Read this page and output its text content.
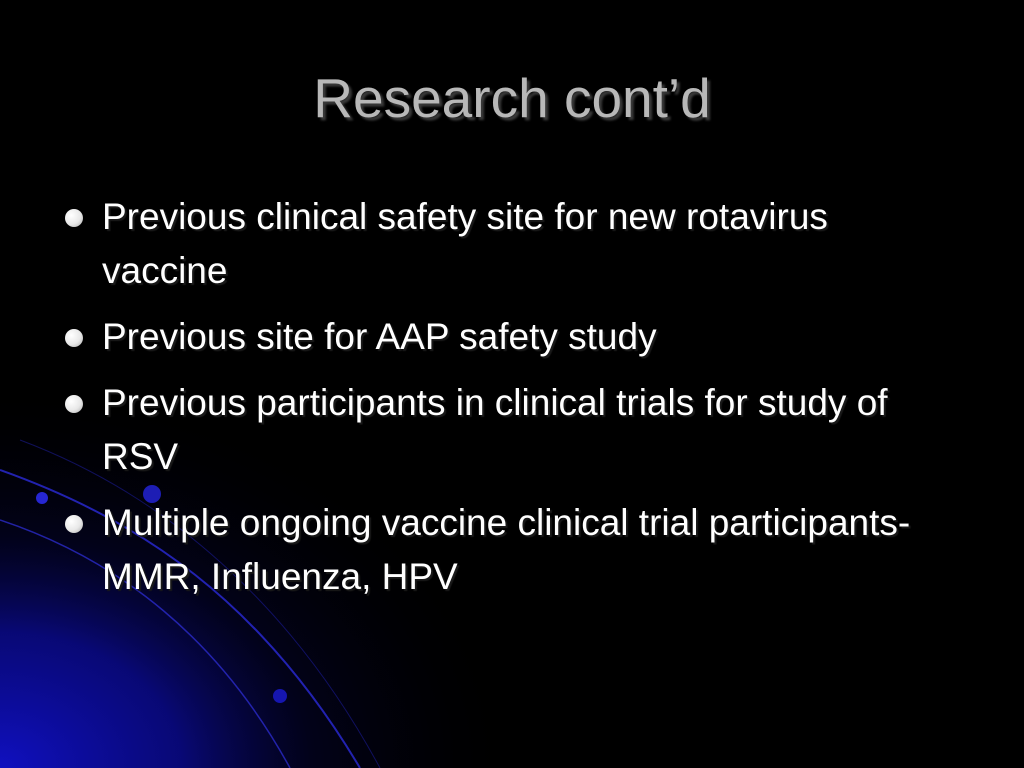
Research cont’d
Previous clinical safety site for new rotavirus vaccine
Previous site for AAP safety study
Previous participants in clinical trials for study of RSV
Multiple ongoing vaccine clinical trial participants- MMR, Influenza, HPV
